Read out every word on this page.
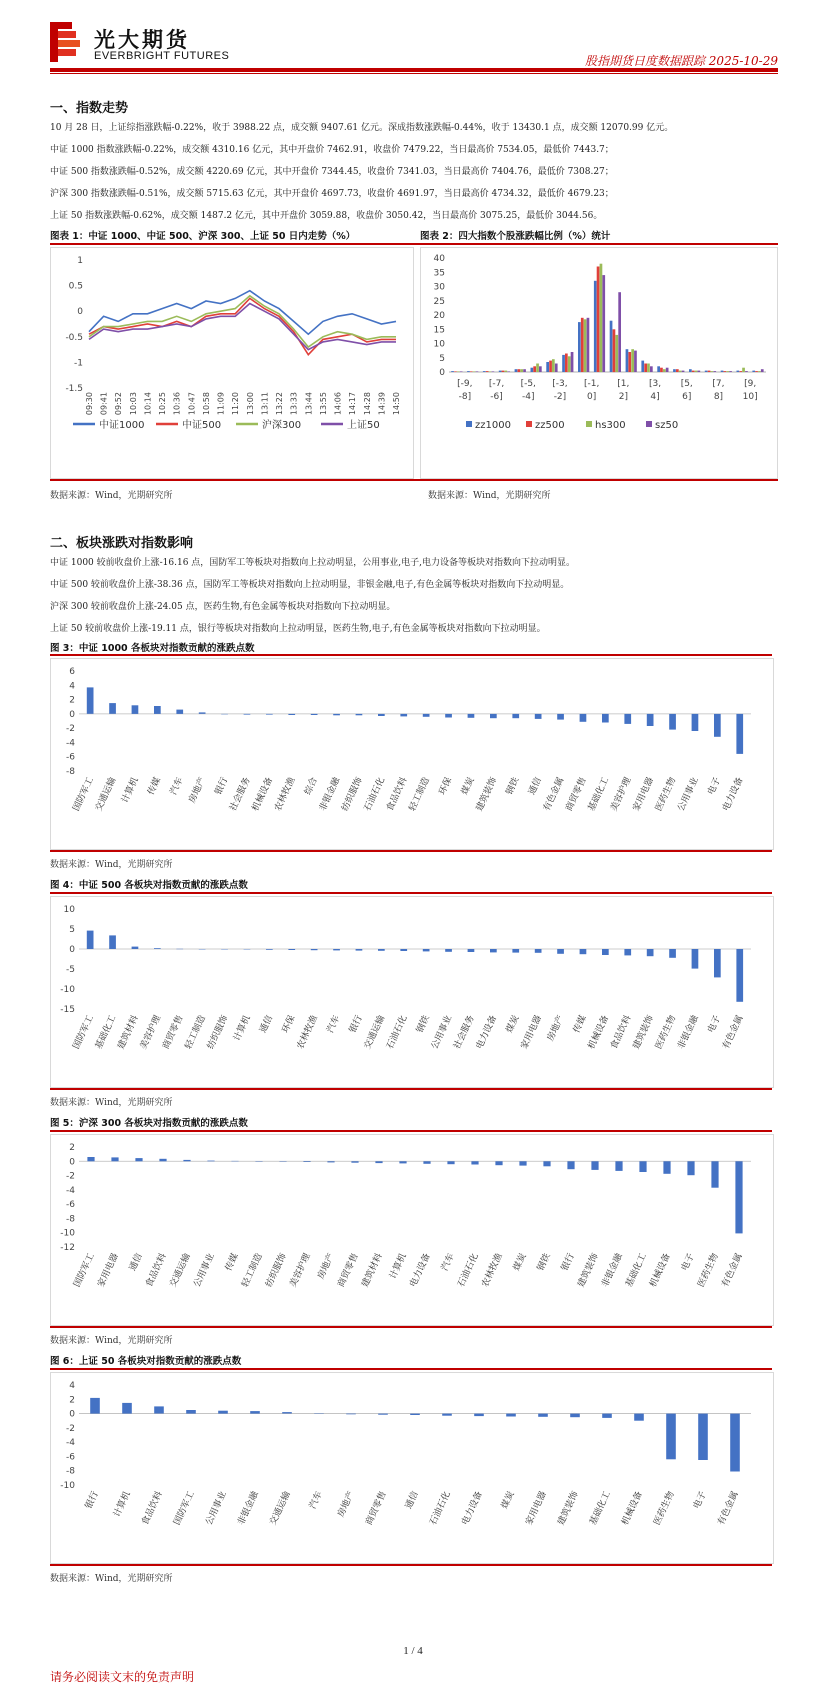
光大期货
EVERBRIGHT FUTURES	股指期货日度数据跟踪 2025-10-29
一、指数走势
10 月 28 日，上证综指涨跌幅-0.22%，收于 3988.22 点，成交额 9407.61 亿元。深成指数涨跌幅-0.44%，收于 13430.1 点，成交额 12070.99 亿元。
中证 1000 指数涨跌幅-0.22%，成交额 4310.16 亿元，其中开盘价 7462.91，收盘价 7479.22，当日最高价 7534.05，最低价 7443.7；
中证 500 指数涨跌幅-0.52%，成交额 4220.69 亿元，其中开盘价 7344.45，收盘价 7341.03，当日最高价 7404.76，最低价 7308.27；
沪深 300 指数涨跌幅-0.51%，成交额 5715.63 亿元，其中开盘价 4697.73，收盘价 4691.97，当日最高价 4734.32，最低价 4679.23；
上证 50 指数涨跌幅-0.62%，成交额 1487.2 亿元，其中开盘价 3059.88，收盘价 3050.42，当日最高价 3075.25，最低价 3044.56。
图表 1：中证 1000、中证 500、沪深 300、上证 50 日内走势（%）	图表 2：四大指数个股涨跌幅比例（%）统计
-1.5
-1
-0.5
0
0.5
1
09:30 09:41 09:52 10:03 10:14 10:25 10:36 10:47 10:58 11:09 11:20 13:00 13:11 13:22 13:33 13:44 13:55 14:06 14:17 14:28 14:39 14:50
中证1000	中证500	沪深300	上证50
0
5
10
15
20
25
30
35
40
[-9,
-8]
[-7,
-6]
[-5,
-4]
[-3,
-2]
[-1,
0]
[1,
2]
[3,
4]
[5,
6]
[7,
8]
[9,
10]
zz1000 zz500	hs300	sz50
数据来源：Wind，光期研究所	数据来源：Wind，光期研究所
二、板块涨跌对指数影响
中证 1000 较前收盘价上涨-16.16 点，国防军工等板块对指数向上拉动明显，公用事业,电子,电力设备等板块对指数向下拉动明显。
中证 500 较前收盘价上涨-38.36 点，国防军工等板块对指数向上拉动明显，非银金融,电子,有色金属等板块对指数向下拉动明显。
沪深 300 较前收盘价上涨-24.05 点，医药生物,有色金属等板块对指数向下拉动明显。
上证 50 较前收盘价上涨-19.11 点，银行等板块对指数向上拉动明显，医药生物,电子,有色金属等板块对指数向下拉动明显。
图 3：中证 1000 各板块对指数贡献的涨跌点数
-8
-6
-4
-2
0
2
4
6
国防军工
交通运输 计算机 传媒 汽车 房地产 银行
社会服务
机械设备
农林牧渔 综合
非银金融
纺织服饰
石油石化
食品饮料
轻工制造 环保 煤炭
建筑装饰 钢铁 通信
有色金属
商贸零售
基础化工
美容护理
家用电器
医药生物
公用事业 电子
电力设备
数据来源：Wind，光期研究所
图 4：中证 500 各板块对指数贡献的涨跌点数
-15
-10
-5
0
5
10
国防军工
基础化工
建筑材料
美容护理
商贸零售
轻工制造
纺织服饰 计算机 通信 环保
农林牧渔 汽车 银行
交通运输
石油石化 钢铁
公用事业
社会服务
电力设备 煤炭
家用电器 房地产 传媒
机械设备
食品饮料
建筑装饰
医药生物
非银金融 电子
有色金属
数据来源：Wind，光期研究所
图 5：沪深 300 各板块对指数贡献的涨跌点数
-12
-10
-8
-6
-4
-2
0
2
国防军工 家用电器 通信 食品饮料 交通运输 公用事业 传媒 轻工制造 纺织服饰 美容护理 房地产 商贸零售 建筑材料 计算机 电力设备 汽车 石油石化 农林牧渔 煤炭 钢铁 银行 建筑装饰 非银金融 基础化工 机械设备 电子 医药生物 有色金属
数据来源：Wind，光期研究所
图 6：上证 50 各板块对指数贡献的涨跌点数
-10
-8
-6
-4
-2
0
2
4
银行 计算机 食品饮料 国防军工 公用事业 非银金融 交通运输 汽车 房地产 商贸零售 通信 石油石化 电力设备 煤炭 家用电器 建筑装饰 基础化工 机械设备 医药生物 电子 有色金属
数据来源：Wind，光期研究所
1 / 4
请务必阅读文末的免责声明
